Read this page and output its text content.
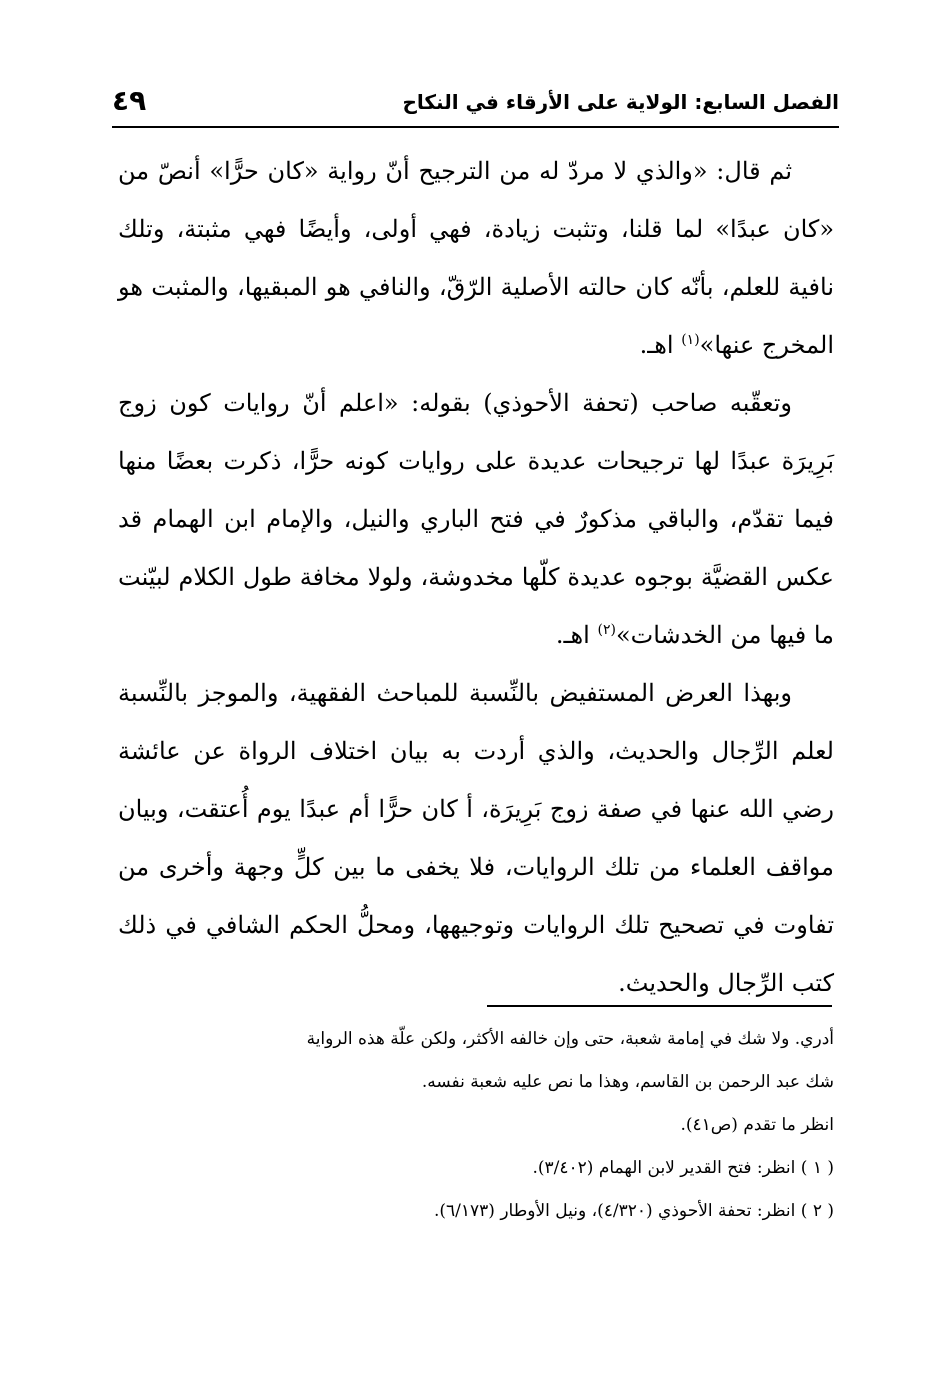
٤٩	الفصل السابع: الولاية على الأرقاء في النكاح

ثم قال: «والذي لا مردّ له من الترجيح أنّ رواية «كان حرًّا» أنصّ من «كان عبدًا» لما قلنا، وتثبت زيادة، فهي أولى، وأيضًا فهي مثبتة، وتلك نافية للعلم، بأنّه كان حالته الأصلية الرّقّ، والنافي هو المبقيها، والمثبت هو المخرج عنها»$^{(١)}$ اهـ.

وتعقّبه صاحب (تحفة الأحوذي) بقوله: «اعلم أنّ روايات كون زوج بَرِيرَة عبدًا لها ترجيحات عديدة على روايات كونه حرًّا، ذكرت بعضًا منها فيما تقدّم، والباقي مذكورٌ في فتح الباري والنيل، والإمام ابن الهمام قد عكس القضيَّة بوجوه عديدة كلّها مخدوشة، ولولا مخافة طول الكلام لبيّنت ما فيها من الخدشات»$^{(٢)}$ اهـ.

وبهذا العرض المستفيض بالنِّسبة للمباحث الفقهية، والموجز بالنِّسبة لعلم الرِّجال والحديث، والذي أردت به بيان اختلاف الرواة عن عائشة رضي الله عنها في صفة زوج بَرِيرَة، أ كان حرًّا أم عبدًا يوم أُعتقت، وبيان مواقف العلماء من تلك الروايات، فلا يخفى ما بين كلٍّ وجهة وأخرى من تفاوت في تصحيح تلك الروايات وتوجيهها، ومحلُّ الحكم الشافي في ذلك كتب الرِّجال والحديث.

أدري. ولا شك في إمامة شعبة، حتى وإن خالفه الأكثر، ولكن علّة هذه الرواية

شك عبد الرحمن بن القاسم، وهذا ما نص عليه شعبة نفسه.

انظر ما تقدم (ص٤١).

( ١ ) انظر: فتح القدير لابن الهمام (٣/٤٠٢).

( ٢ ) انظر: تحفة الأحوذي (٤/٣٢٠)، ونيل الأوطار (٦/١٧٣).
